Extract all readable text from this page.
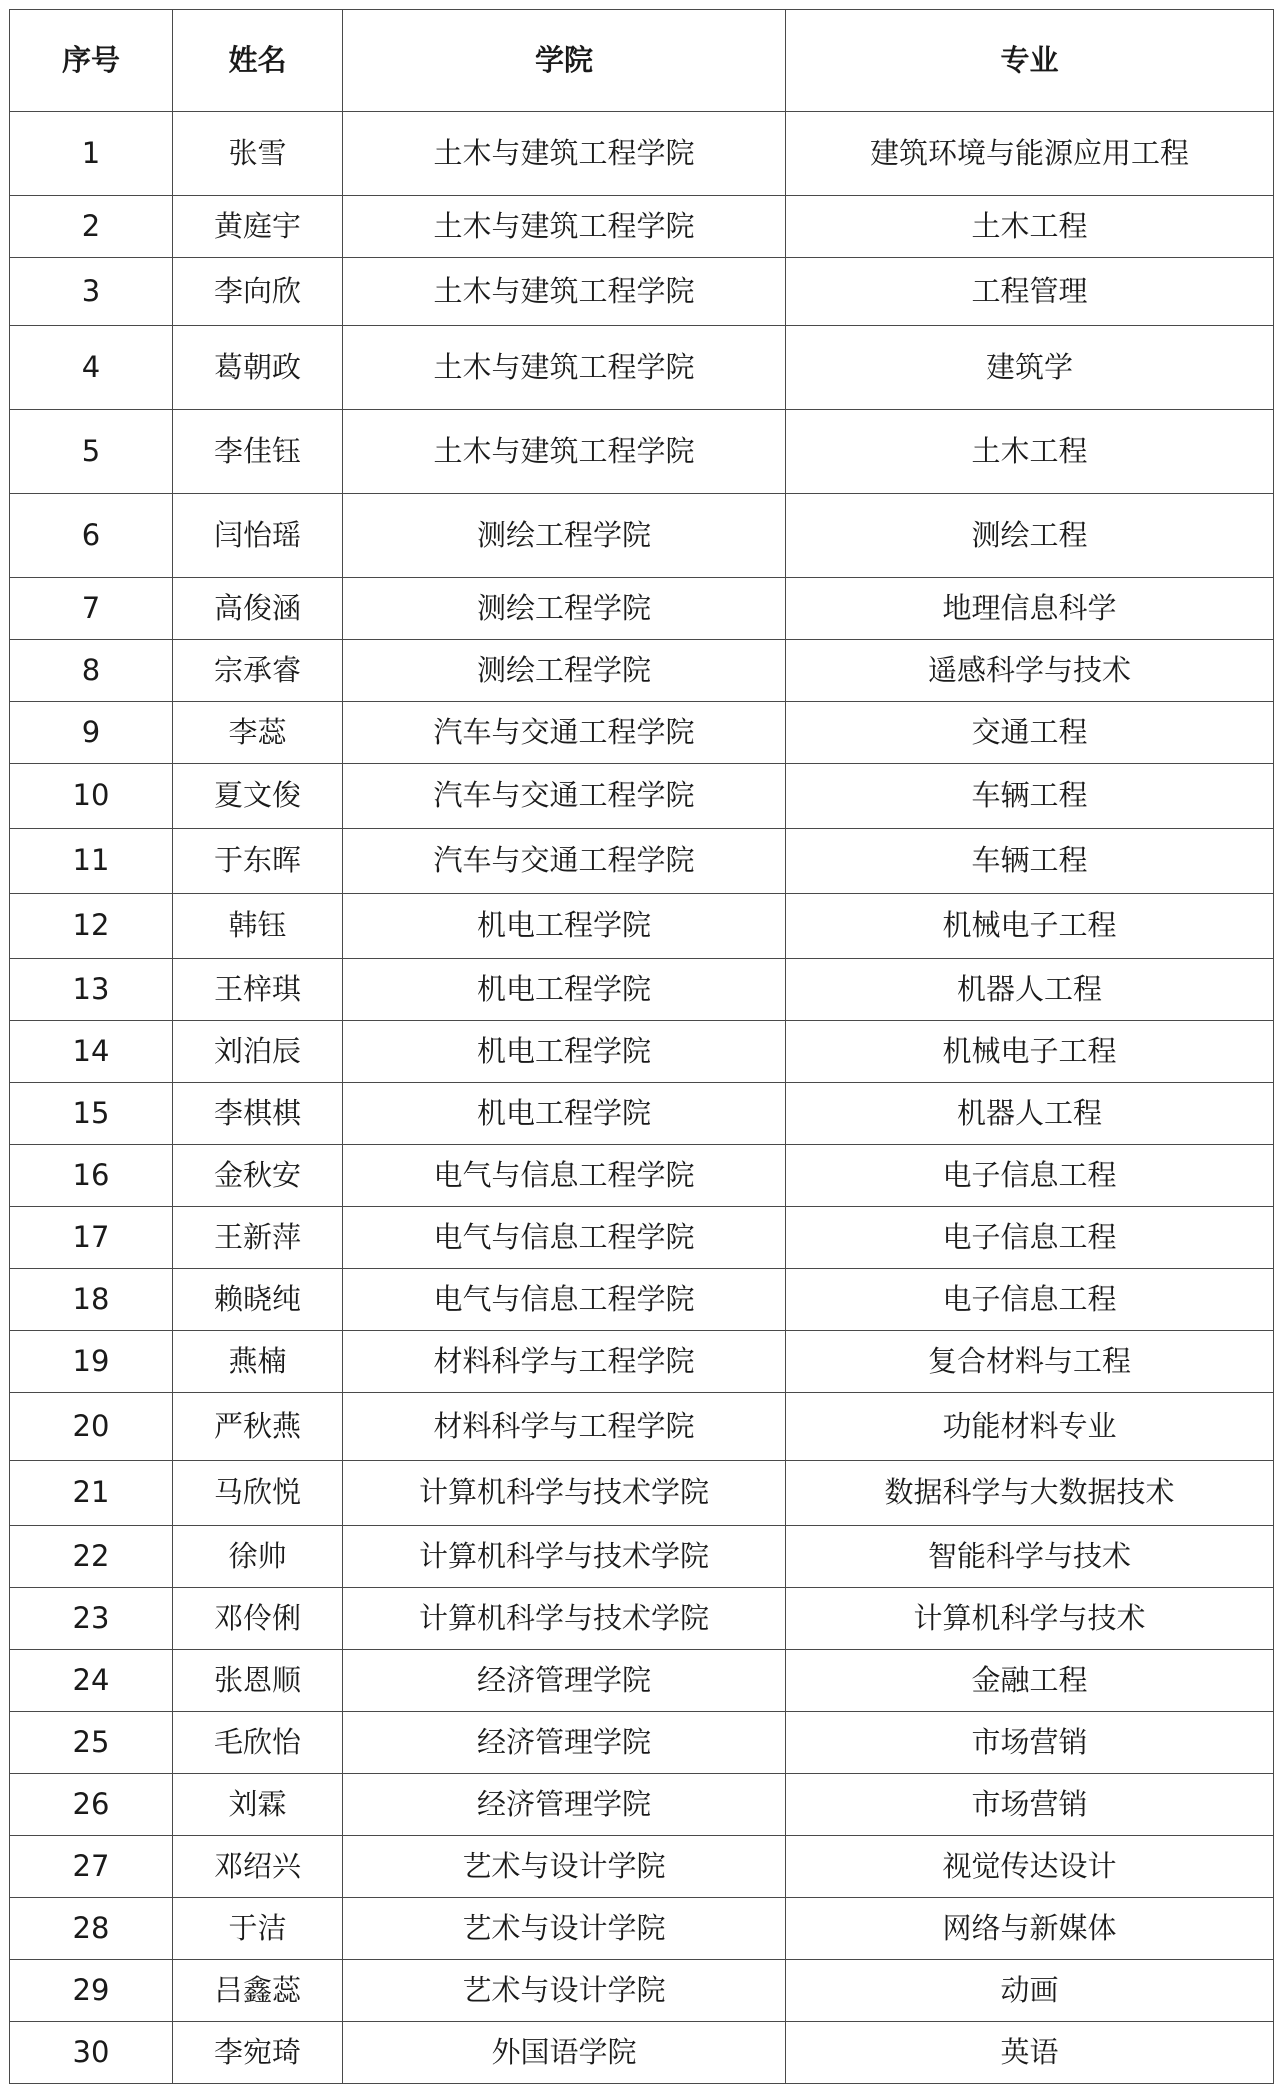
序号	姓名	学院	专业
1	张雪	土木与建筑工程学院	建筑环境与能源应用工程
2	黄庭宇	土木与建筑工程学院	土木工程
3	李向欣	土木与建筑工程学院	工程管理
4	葛朝政	土木与建筑工程学院	建筑学
5	李佳钰	土木与建筑工程学院	土木工程
6	闫怡瑶	测绘工程学院	测绘工程
7	高俊涵	测绘工程学院	地理信息科学
8	宗承睿	测绘工程学院	遥感科学与技术
9	李蕊	汽车与交通工程学院	交通工程
10	夏文俊	汽车与交通工程学院	车辆工程
11	于东晖	汽车与交通工程学院	车辆工程
12	韩钰	机电工程学院	机械电子工程
13	王梓琪	机电工程学院	机器人工程
14	刘泊辰	机电工程学院	机械电子工程
15	李棋棋	机电工程学院	机器人工程
16	金秋安	电气与信息工程学院	电子信息工程
17	王新萍	电气与信息工程学院	电子信息工程
18	赖晓纯	电气与信息工程学院	电子信息工程
19	燕楠	材料科学与工程学院	复合材料与工程
20	严秋燕	材料科学与工程学院	功能材料专业
21	马欣悦	计算机科学与技术学院	数据科学与大数据技术
22	徐帅	计算机科学与技术学院	智能科学与技术
23	邓伶俐	计算机科学与技术学院	计算机科学与技术
24	张恩顺	经济管理学院	金融工程
25	毛欣怡	经济管理学院	市场营销
26	刘霖	经济管理学院	市场营销
27	邓绍兴	艺术与设计学院	视觉传达设计
28	于洁	艺术与设计学院	网络与新媒体
29	吕鑫蕊	艺术与设计学院	动画
30	李宛琦	外国语学院	英语
